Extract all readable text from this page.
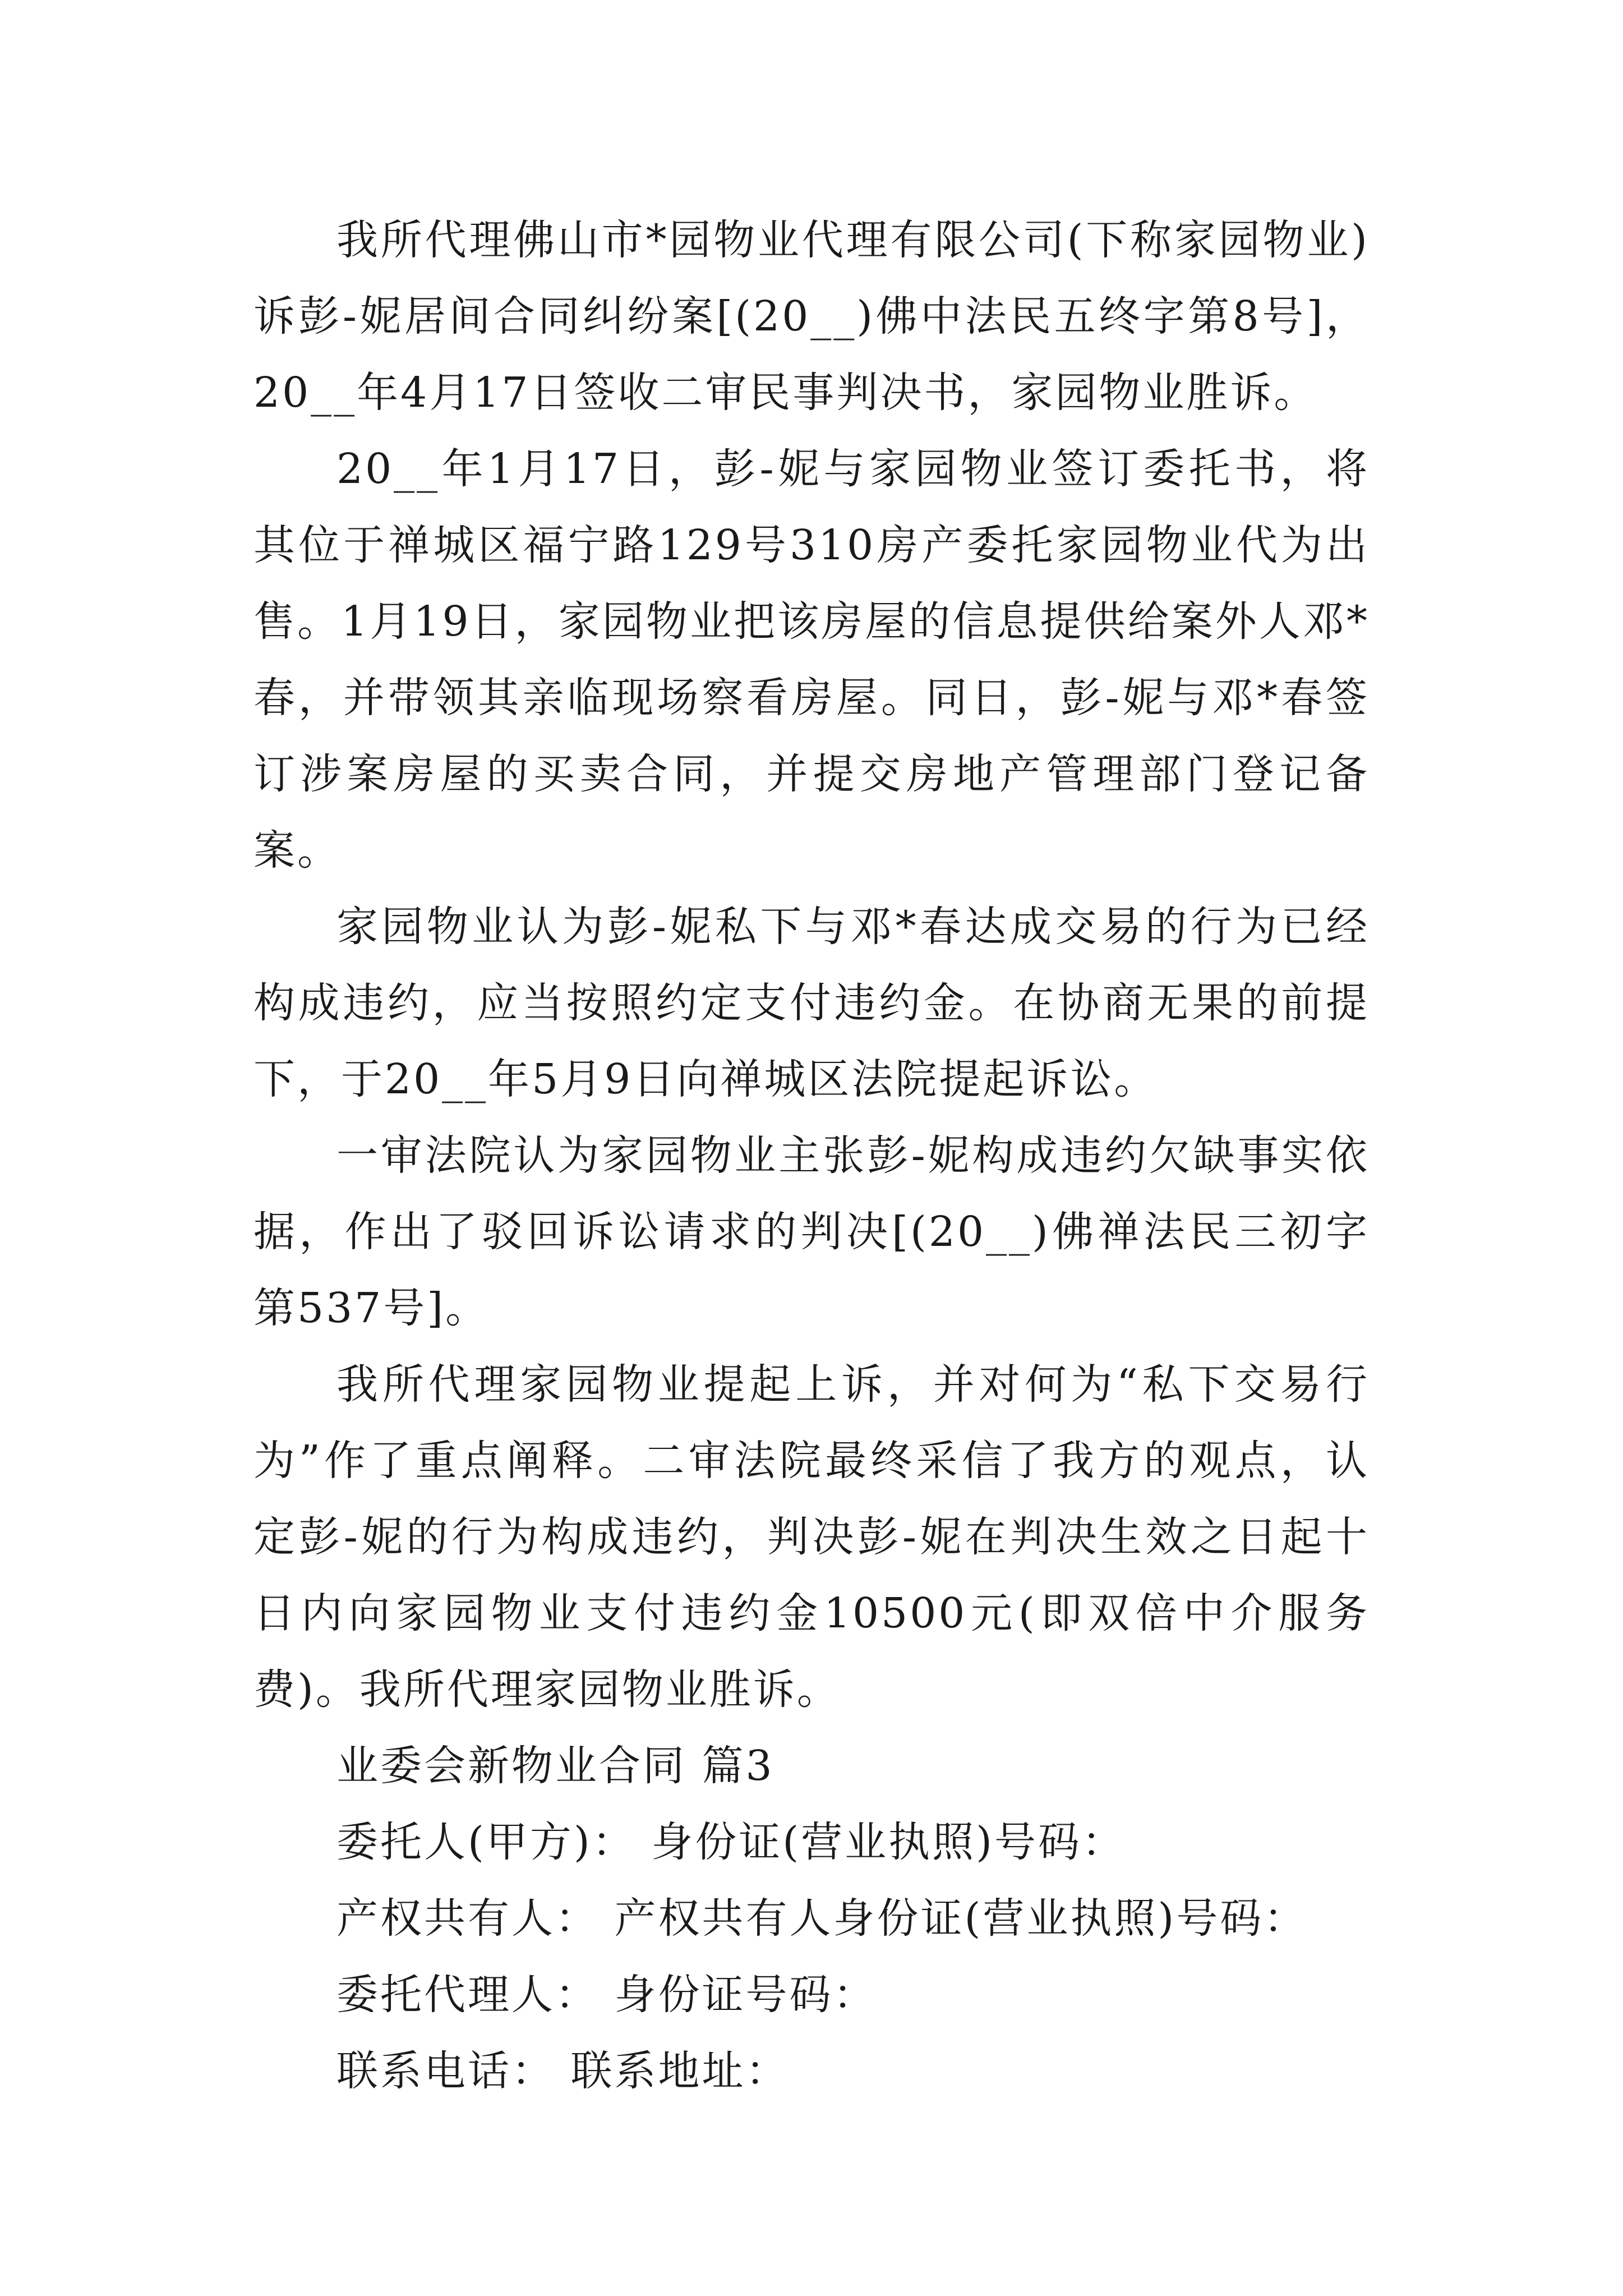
我所代理佛山市*园物业代理有限公司(下称家园物业)诉彭-妮居间合同纠纷案[(20__)佛中法民五终字第8号]，20__年4月17日签收二审民事判决书，家园物业胜诉。

20__年1月17日，彭-妮与家园物业签订委托书，将其位于禅城区福宁路129号310房产委托家园物业代为出售。1月19日，家园物业把该房屋的信息提供给案外人邓*春，并带领其亲临现场察看房屋。同日，彭-妮与邓*春签订涉案房屋的买卖合同，并提交房地产管理部门登记备案。

家园物业认为彭-妮私下与邓*春达成交易的行为已经构成违约，应当按照约定支付违约金。在协商无果的前提下，于20__年5月9日向禅城区法院提起诉讼。

一审法院认为家园物业主张彭-妮构成违约欠缺事实依据，作出了驳回诉讼请求的判决[(20__)佛禅法民三初字第537号]。

我所代理家园物业提起上诉，并对何为“私下交易行为”作了重点阐释。二审法院最终采信了我方的观点，认定彭-妮的行为构成违约，判决彭-妮在判决生效之日起十日内向家园物业支付违约金10500元(即双倍中介服务费)。我所代理家园物业胜诉。

业委会新物业合同 篇3

委托人(甲方)： 身份证(营业执照)号码：

产权共有人： 产权共有人身份证(营业执照)号码：

委托代理人： 身份证号码：

联系电话： 联系地址：
